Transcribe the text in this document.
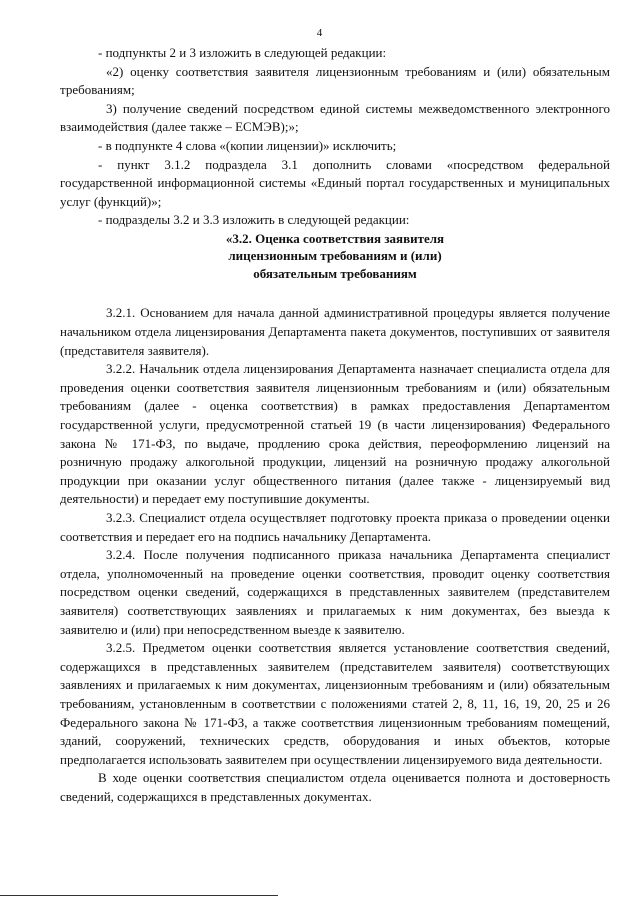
4

- подпункты 2 и 3 изложить в следующей редакции:

«2) оценку соответствия заявителя лицензионным требованиям и (или) обязательным требованиям;

3) получение сведений посредством единой системы межведомственного электронного взаимодействия (далее также – ЕСМЭВ);»;

- в подпункте 4 слова «(копии лицензии)» исключить;

- пункт 3.1.2 подраздела 3.1 дополнить словами «посредством федеральной государственной информационной системы «Единый портал государственных и муниципальных услуг (функций)»;

- подразделы 3.2 и 3.3 изложить в следующей редакции:

«3.2. Оценка соответствия заявителя
лицензионным требованиям и (или)
обязательным требованиям

3.2.1. Основанием для начала данной административной процедуры является получение начальником отдела лицензирования Департамента пакета документов, поступивших от заявителя (представителя заявителя).

3.2.2. Начальник отдела лицензирования Департамента назначает специалиста отдела для проведения оценки соответствия заявителя лицензионным требованиям и (или) обязательным требованиям (далее - оценка соответствия) в рамках предоставления Департаментом государственной услуги, предусмотренной статьей 19 (в части лицензирования) Федерального закона № 171-ФЗ, по выдаче, продлению срока действия, переоформлению лицензий на розничную продажу алкогольной продукции, лицензий на розничную продажу алкогольной продукции при оказании услуг общественного питания (далее также - лицензируемый вид деятельности) и передает ему поступившие документы.

3.2.3. Специалист отдела осуществляет подготовку проекта приказа о проведении оценки соответствия и передает его на подпись начальнику Департамента.

3.2.4. После получения подписанного приказа начальника Департамента специалист отдела, уполномоченный на проведение оценки соответствия, проводит оценку соответствия посредством оценки сведений, содержащихся в представленных заявителем (представителем заявителя) соответствующих заявлениях и прилагаемых к ним документах, без выезда к заявителю и (или) при непосредственном выезде к заявителю.

3.2.5. Предметом оценки соответствия является установление соответствия сведений, содержащихся в представленных заявителем (представителем заявителя) соответствующих заявлениях и прилагаемых к ним документах, лицензионным требованиям и (или) обязательным требованиям, установленным в соответствии с положениями статей 2, 8, 11, 16, 19, 20, 25 и 26 Федерального закона № 171-ФЗ, а также соответствия лицензионным требованиям помещений, зданий, сооружений, технических средств, оборудования и иных объектов, которые предполагается использовать заявителем при осуществлении лицензируемого вида деятельности.

В ходе оценки соответствия специалистом отдела оценивается полнота и достоверность сведений, содержащихся в представленных документах.
